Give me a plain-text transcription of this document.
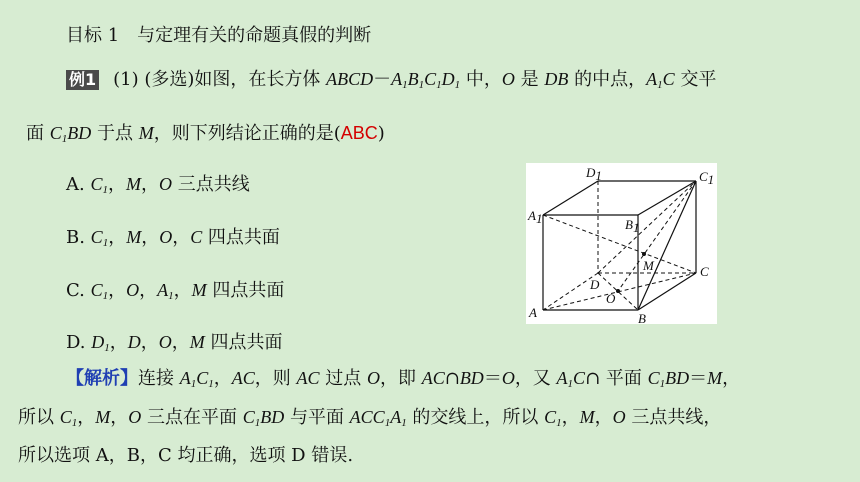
目标 1　与定理有关的命题真假的判断
例1 (1) (多选)如图，在长方体 $ABCD-A_1B_1C_1D_1$ 中，O 是 DB 的中点，$A_1C$ 交平
面 $C_1BD$ 于点 M，则下列结论正确的是(ABC)
A. $C_1$，M，O 三点共线
B. $C_1$，M，O，C 四点共面
C. $C_1$，O，$A_1$，M 四点共面
D. $D_1$，D，O，M 四点共面
【解析】连接 $A_1C_1$，AC，则 AC 过点 O，即 AC∩BD＝O，又 $A_1C\cap$ 平面 $C_1BD=M$，
所以 $C_1$，M，O 三点在平面 $C_1BD$ 与平面 $ACC_1A_1$ 的交线上，所以 $C_1$，M，O 三点共线，
所以选项 A，B，C 均正确，选项 D 错误.
D1	C1
A1	B1
M	C
D
O
A	B
